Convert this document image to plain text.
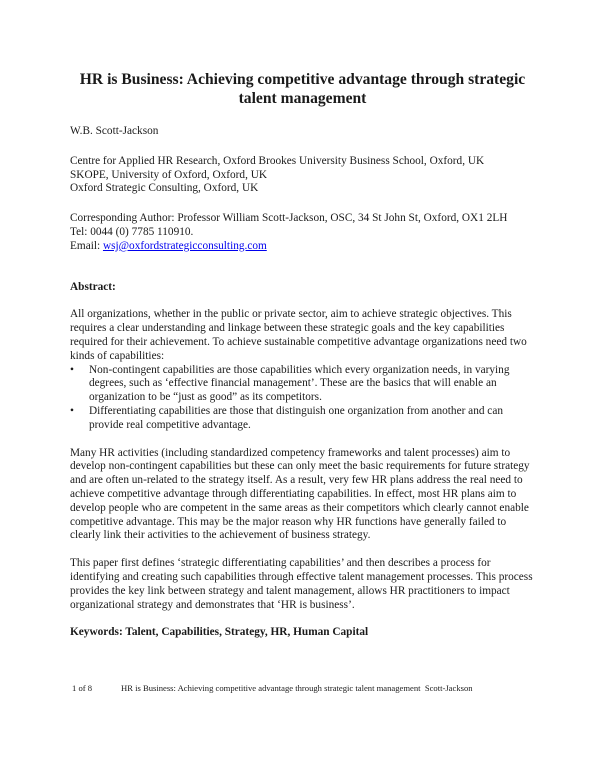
HR is Business: Achieving competitive advantage through strategic talent management

W.B. Scott-Jackson

Centre for Applied HR Research, Oxford Brookes University Business School, Oxford, UK

SKOPE, University of Oxford, Oxford, UK

Oxford Strategic Consulting, Oxford, UK

Corresponding Author: Professor William Scott-Jackson, OSC, 34 St John St, Oxford, OX1 2LH

Tel: 0044 (0) 7785 110910.

Email: wsj@oxfordstrategicconsulting.com

Abstract:

All organizations, whether in the public or private sector, aim to achieve strategic objectives. This requires a clear understanding and linkage between these strategic goals and the key capabilities required for their achievement. To achieve sustainable competitive advantage organizations need two kinds of capabilities:
• Non-contingent capabilities are those capabilities which every organization needs, in varying degrees, such as ‘effective financial management’. These are the basics that will enable an organization to be “just as good” as its competitors.
• Differentiating capabilities are those that distinguish one organization from another and can provide real competitive advantage.

Many HR activities (including standardized competency frameworks and talent processes) aim to develop non-contingent capabilities but these can only meet the basic requirements for future strategy and are often un-related to the strategy itself. As a result, very few HR plans address the real need to achieve competitive advantage through differentiating capabilities. In effect, most HR plans aim to develop people who are competent in the same areas as their competitors which clearly cannot enable competitive advantage. This may be the major reason why HR functions have generally failed to clearly link their activities to the achievement of business strategy.

This paper first defines ‘strategic differentiating capabilities’ and then describes a process for identifying and creating such capabilities through effective talent management processes. This process provides the key link between strategy and talent management, allows HR practitioners to impact organizational strategy and demonstrates that ‘HR is business’.

Keywords: Talent, Capabilities, Strategy, HR, Human Capital

1 of 8	HR is Business: Achieving competitive advantage through strategic talent management Scott-Jackson
